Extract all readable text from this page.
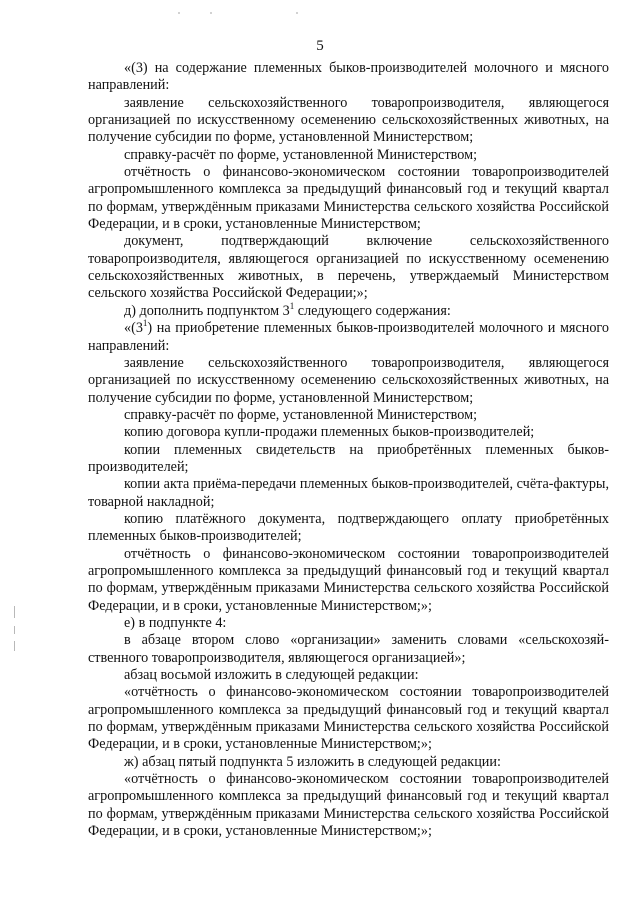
5

«(3) на содержание племенных быков-производителей молочного и мясного направлений:

заявление сельскохозяйственного товаропроизводителя, являющегося организацией по искусственному осеменению сельскохозяйственных животных, на получение субсидии по форме, установленной Министерством;

справку-расчёт по форме, установленной Министерством;

отчётность о финансово-экономическом состоянии товаропроизводителей агропромышленного комплекса за предыдущий финансовый год и текущий квартал по формам, утверждённым приказами Министерства сельского хозяйства Российской Федерации, и в сроки, установленные Министерством;

документ, подтверждающий включение сельскохозяйственного товаропроизводителя, являющегося организацией по искусственному осеменению сельскохозяйственных животных, в перечень, утверждаемый Министерством сельского хозяйства Российской Федерации;»;

д) дополнить подпунктом $3^1$ следующего содержания:

«$(3^1)$ на приобретение племенных быков-производителей молочного и мясного направлений:

заявление сельскохозяйственного товаропроизводителя, являющегося организацией по искусственному осеменению сельскохозяйственных животных, на получение субсидии по форме, установленной Министерством;

справку-расчёт по форме, установленной Министерством;

копию договора купли-продажи племенных быков-производителей;

копии племенных свидетельств на приобретённых племенных быков-производителей;

копии акта приёма-передачи племенных быков-производителей, счёта-фактуры, товарной накладной;

копию платёжного документа, подтверждающего оплату приобретённых племенных быков-производителей;

отчётность о финансово-экономическом состоянии товаропроизводителей агропромышленного комплекса за предыдущий финансовый год и текущий квартал по формам, утверждённым приказами Министерства сельского хозяйства Российской Федерации, и в сроки, установленные Министерством;»;

е) в подпункте 4:

в абзаце втором слово «организации» заменить словами «сельскохозяйственного товаропроизводителя, являющегося организацией»;

абзац восьмой изложить в следующей редакции:

«отчётность о финансово-экономическом состоянии товаропроизводителей агропромышленного комплекса за предыдущий финансовый год и текущий квартал по формам, утверждённым приказами Министерства сельского хозяйства Российской Федерации, и в сроки, установленные Министерством;»;

ж) абзац пятый подпункта 5 изложить в следующей редакции:

«отчётность о финансово-экономическом состоянии товаропроизводителей агропромышленного комплекса за предыдущий финансовый год и текущий квартал по формам, утверждённым приказами Министерства сельского хозяйства Российской Федерации, и в сроки, установленные Министерством;»;
